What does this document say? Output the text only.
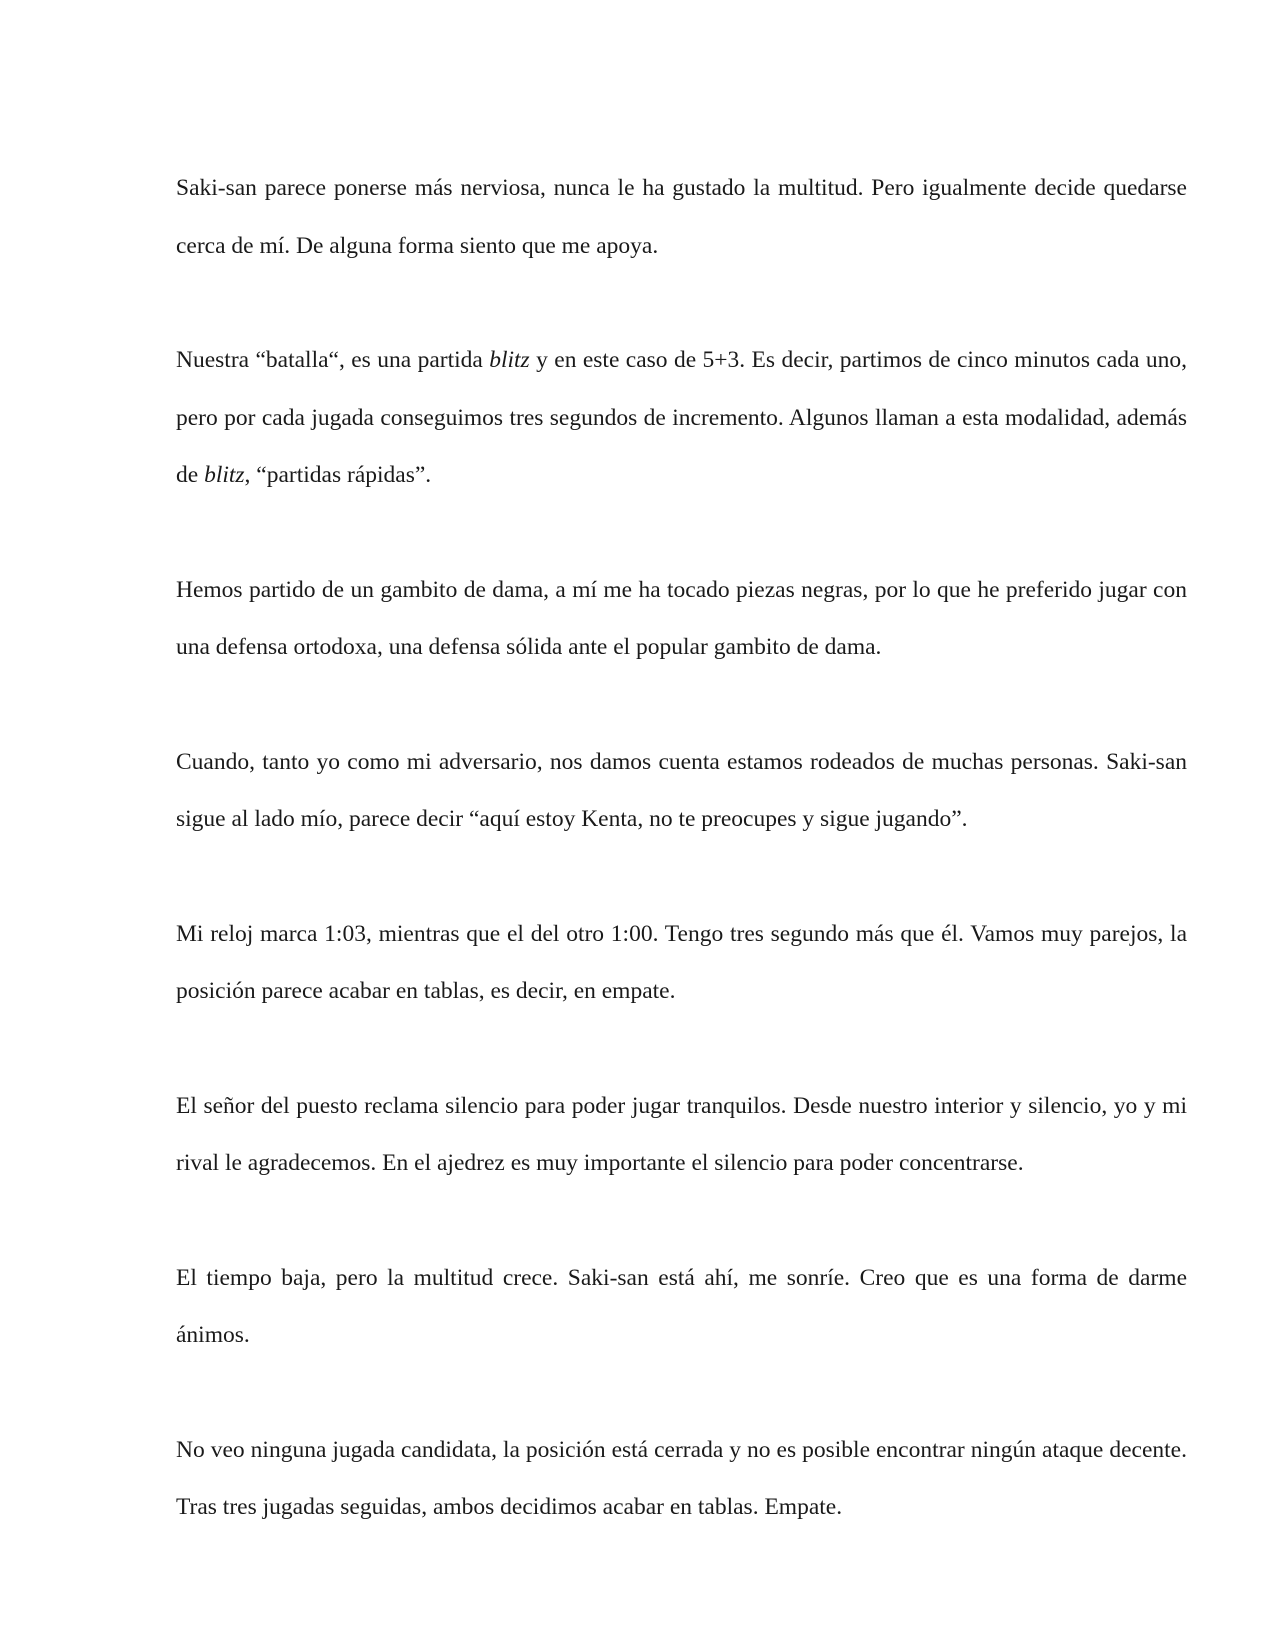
Saki-san parece ponerse más nerviosa, nunca le ha gustado la multitud. Pero igualmente decide quedarse cerca de mí. De alguna forma siento que me apoya.

Nuestra “batalla“, es una partida blitz y en este caso de 5+3. Es decir, partimos de cinco minutos cada uno, pero por cada jugada conseguimos tres segundos de incremento. Algunos llaman a esta modalidad, además de blitz, “partidas rápidas”.

Hemos partido de un gambito de dama, a mí me ha tocado piezas negras, por lo que he preferido jugar con una defensa ortodoxa, una defensa sólida ante el popular gambito de dama.

Cuando, tanto yo como mi adversario, nos damos cuenta estamos rodeados de muchas personas. Saki-san sigue al lado mío, parece decir “aquí estoy Kenta, no te preocupes y sigue jugando”.

Mi reloj marca 1:03, mientras que el del otro 1:00. Tengo tres segundo más que él. Vamos muy parejos, la posición parece acabar en tablas, es decir, en empate.

El señor del puesto reclama silencio para poder jugar tranquilos. Desde nuestro interior y silencio, yo y mi rival le agradecemos. En el ajedrez es muy importante el silencio para poder concentrarse.

El tiempo baja, pero la multitud crece. Saki-san está ahí, me sonríe. Creo que es una forma de darme ánimos.

No veo ninguna jugada candidata, la posición está cerrada y no es posible encontrar ningún ataque decente. Tras tres jugadas seguidas, ambos decidimos acabar en tablas. Empate.
